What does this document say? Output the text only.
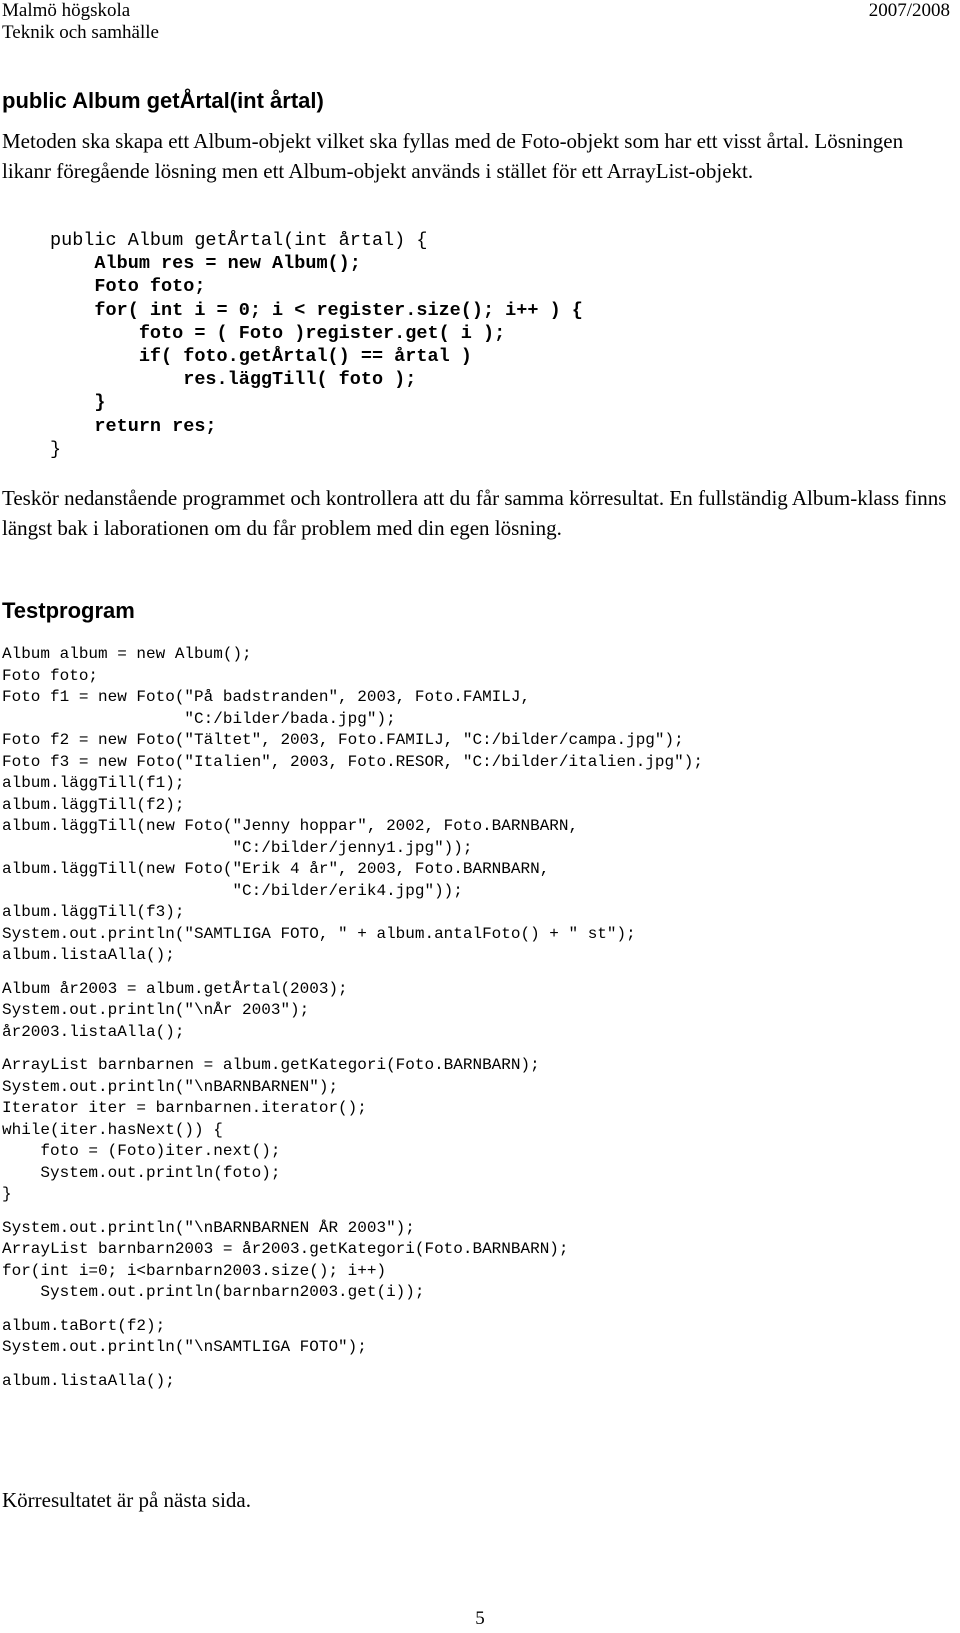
Malmö högskola
Teknik och samhälle
2007/2008
public Album getÅrtal(int årtal)
Metoden ska skapa ett Album-objekt vilket ska fyllas med de Foto-objekt som har ett visst årtal. Lösningen likanr föregående lösning men ett Album-objekt används i stället för ett ArrayList-objekt.
public Album getÅrtal(int årtal) {
Album res = new Album();
Foto foto;
for( int i = 0; i < register.size(); i++ ) {
foto = ( Foto )register.get( i );
if( foto.getÅrtal() == årtal )
res.läggTill( foto );
}
return res;
}
Teskör nedanstående programmet och kontrollera att du får samma körresultat. En fullständig Album-klass finns längst bak i laborationen om du får problem med din egen lösning.
Testprogram
Album album = new Album();
Foto foto;
Foto f1 = new Foto("På badstranden", 2003, Foto.FAMILJ,
"C:/bilder/bada.jpg");
Foto f2 = new Foto("Tältet", 2003, Foto.FAMILJ, "C:/bilder/campa.jpg");
Foto f3 = new Foto("Italien", 2003, Foto.RESOR, "C:/bilder/italien.jpg");
album.läggTill(f1);
album.läggTill(f2);
album.läggTill(new Foto("Jenny hoppar", 2002, Foto.BARNBARN,
"C:/bilder/jenny1.jpg"));
album.läggTill(new Foto("Erik 4 år", 2003, Foto.BARNBARN,
"C:/bilder/erik4.jpg"));
album.läggTill(f3);
System.out.println("SAMTLIGA FOTO, " + album.antalFoto() + " st");
album.listaAlla();
Album år2003 = album.getÅrtal(2003);
System.out.println("\nÅr 2003");
år2003.listaAlla();
ArrayList barnbarnen = album.getKategori(Foto.BARNBARN);
System.out.println("\nBARNBARNEN");
Iterator iter = barnbarnen.iterator();
while(iter.hasNext()) {
foto = (Foto)iter.next();
System.out.println(foto);
}
System.out.println("\nBARNBARNEN ÅR 2003");
ArrayList barnbarn2003 = år2003.getKategori(Foto.BARNBARN);
for(int i=0; i<barnbarn2003.size(); i++)
System.out.println(barnbarn2003.get(i));
album.taBort(f2);
System.out.println("\nSAMTLIGA FOTO");
album.listaAlla();
Körresultatet är på nästa sida.
5
